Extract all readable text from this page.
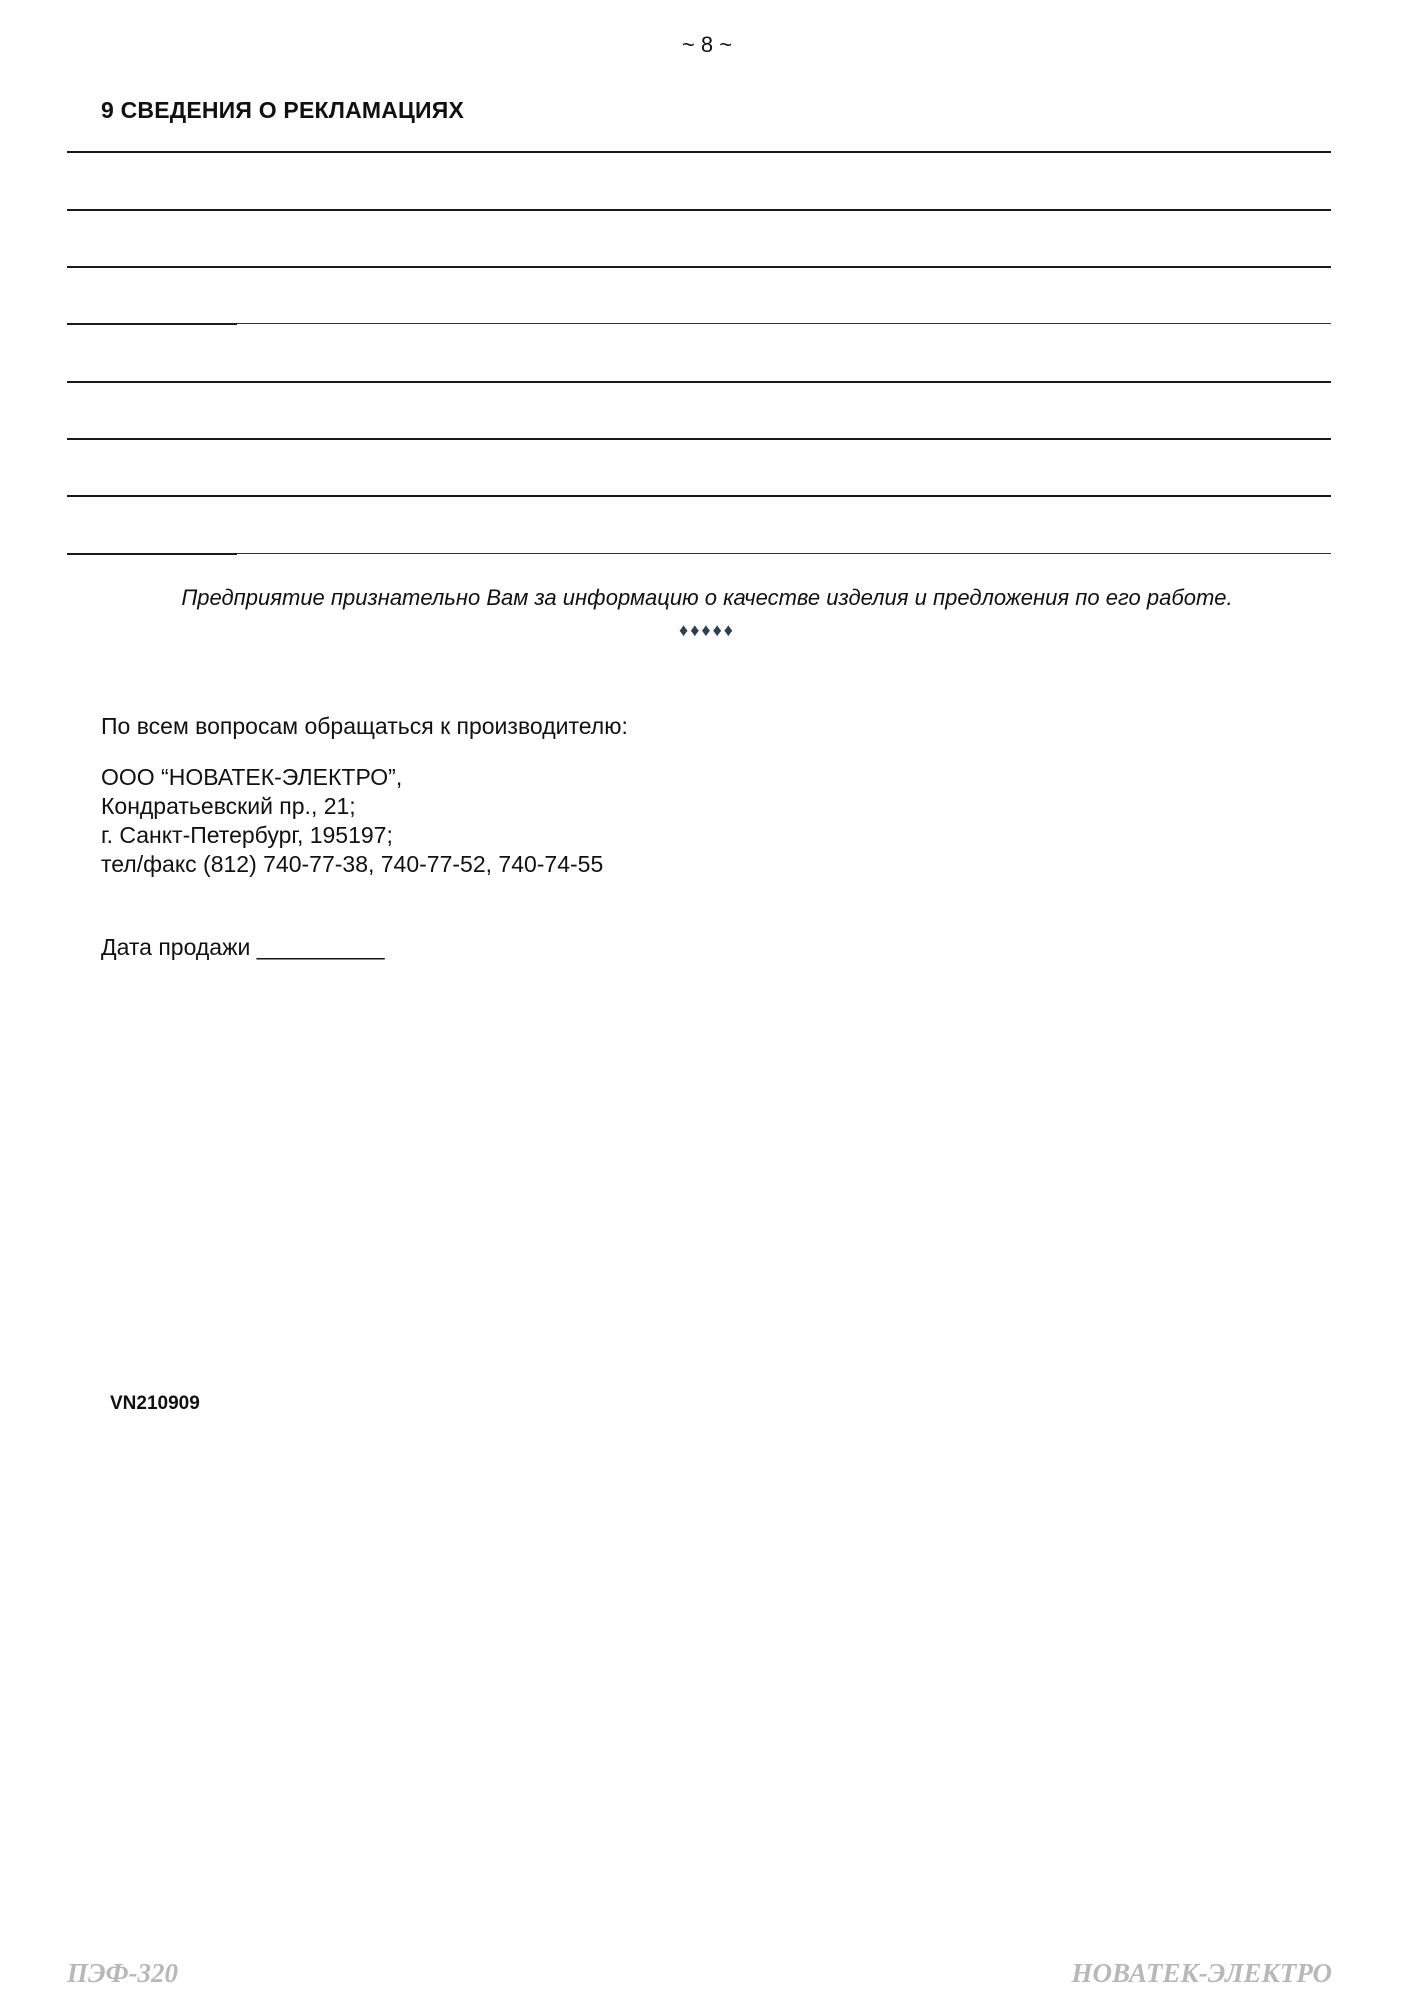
~ 8 ~
9 СВЕДЕНИЯ О РЕКЛАМАЦИЯХ
Предприятие признательно Вам за информацию о качестве изделия и предложения по его работе.
♦♦♦♦♦
По всем вопросам обращаться к производителю:
ООО “НОВАТЕК-ЭЛЕКТРО”,
Кондратьевский пр., 21;
г. Санкт-Петербург, 195197;
тел/факс (812) 740-77-38, 740-77-52, 740-74-55
Дата продажи __________
VN210909
ПЭФ-320	НОВАТЕК-ЭЛЕКТРО
